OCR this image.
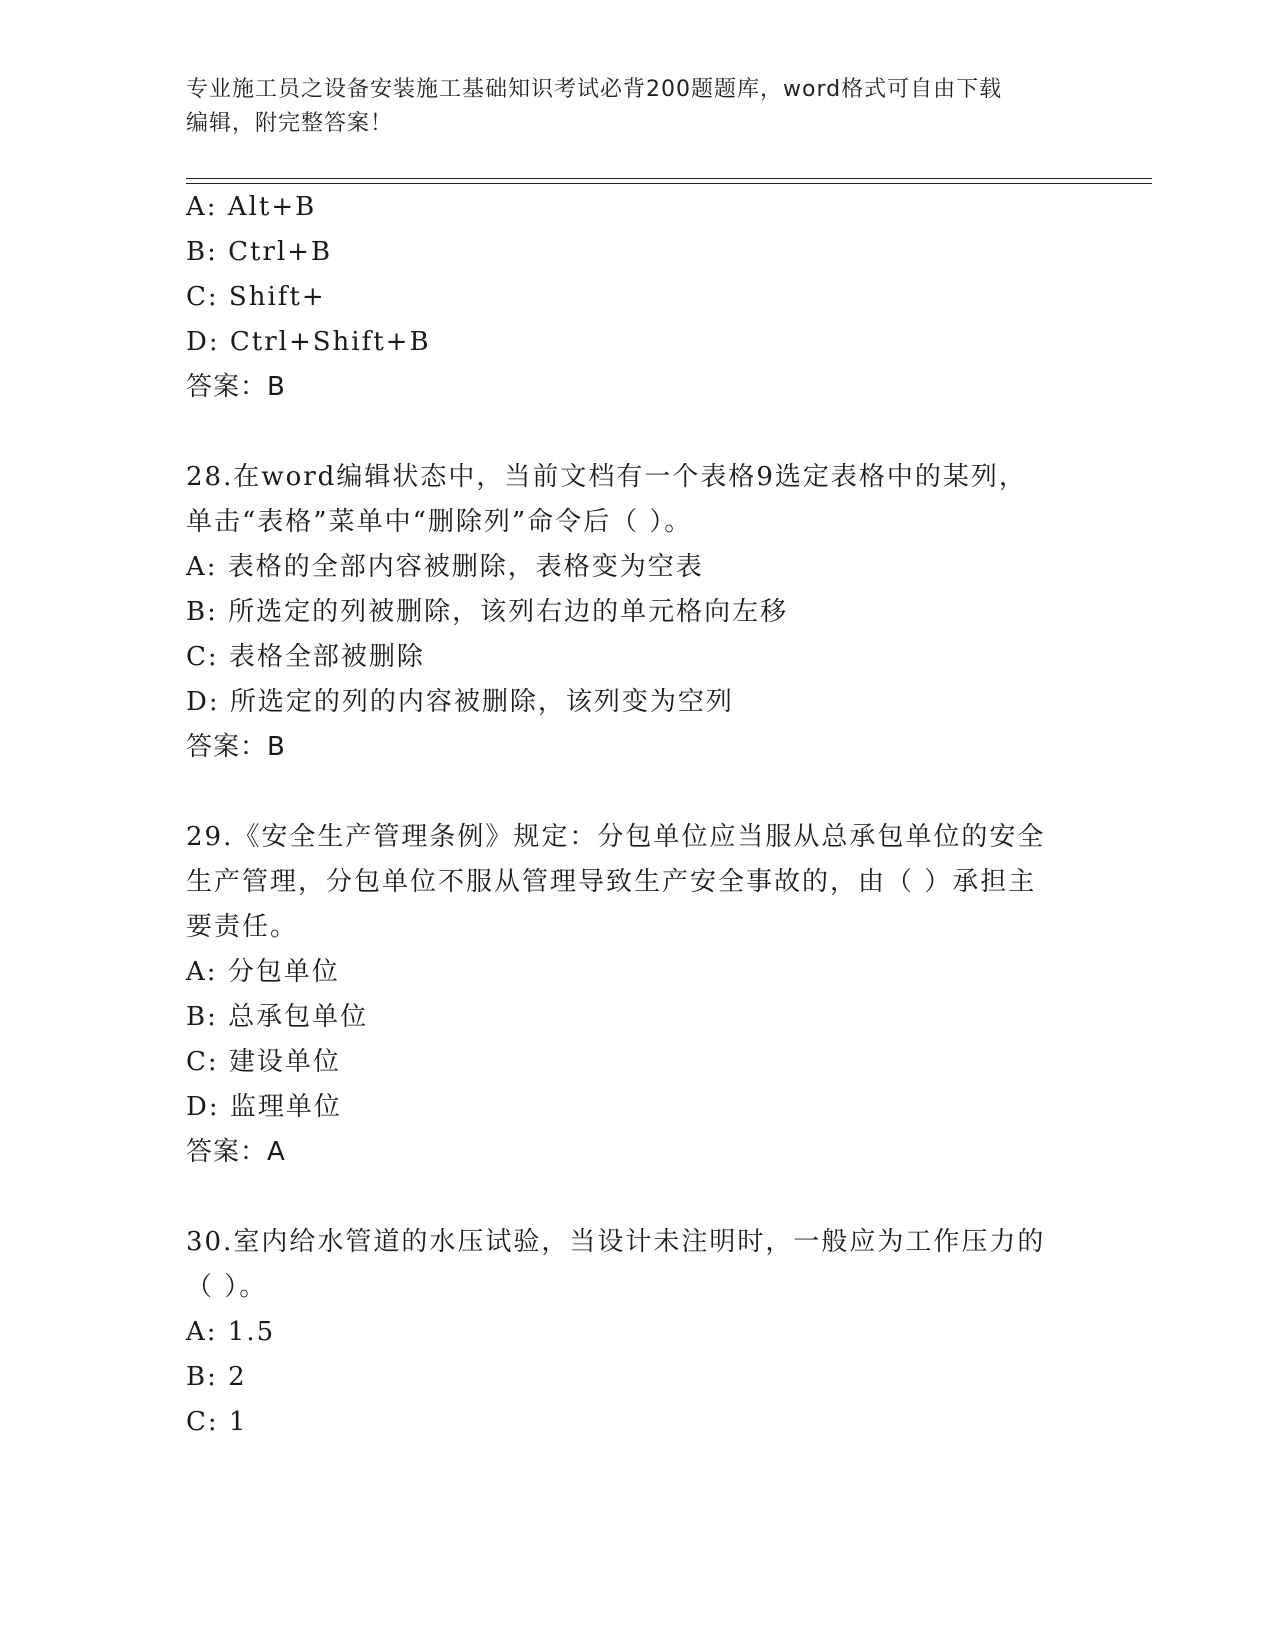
专业施工员之设备安装施工基础知识考试必背200题题库，word格式可自由下载
编辑，附完整答案！
A: Alt+B
B: Ctrl+B
C: Shift+
D: Ctrl+Shift+B
答案：B
28.在word编辑状态中，当前文档有一个表格9选定表格中的某列，
单击“表格”菜单中“删除列”命令后（ ）。
A: 表格的全部内容被删除，表格变为空表
B: 所选定的列被删除，该列右边的单元格向左移
C: 表格全部被删除
D: 所选定的列的内容被删除，该列变为空列
答案：B
29.《安全生产管理条例》规定：分包单位应当服从总承包单位的安全
生产管理，分包单位不服从管理导致生产安全事故的，由（ ）承担主
要责任。
A: 分包单位
B: 总承包单位
C: 建设单位
D: 监理单位
答案：A
30.室内给水管道的水压试验，当设计未注明时，一般应为工作压力的
（ ）。
A: 1.5
B: 2
C: 1
